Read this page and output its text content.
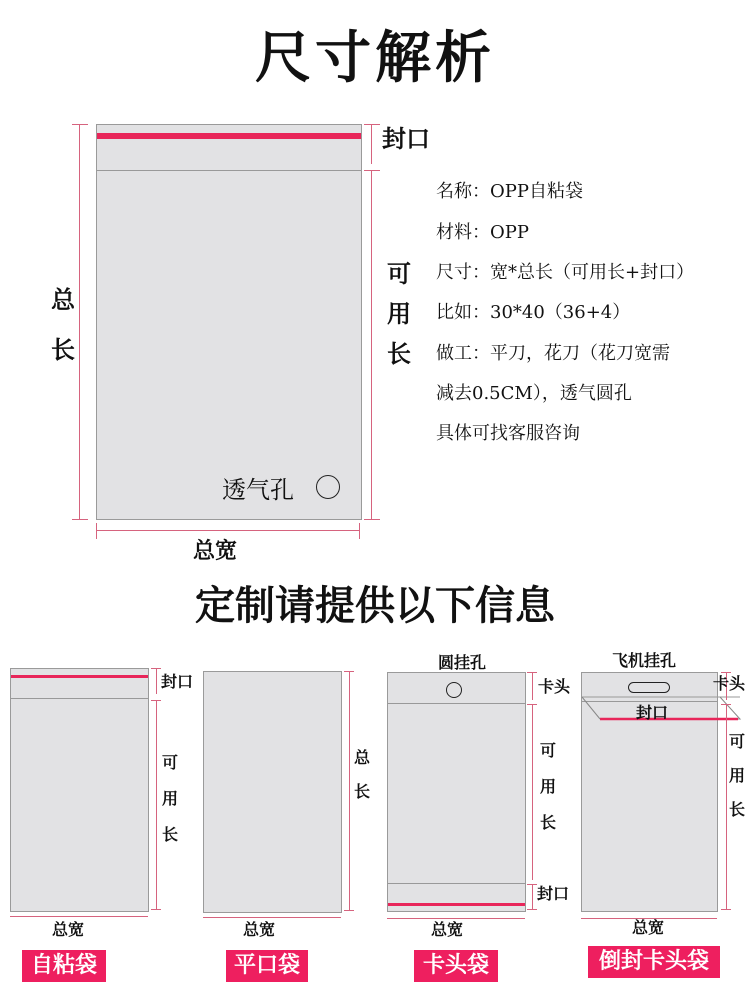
尺寸解析
总
长
封口
可
用
长
总宽
透气孔
名称：OPP自粘袋
材料：OPP
尺寸：宽*总长（可用长+封口）
比如：30*40（36+4）
做工：平刀，花刀（花刀宽需
减去0.5CM），透气圆孔
具体可找客服咨询
定制请提供以下信息
封口
可
用
长
总宽
自粘袋
总
长
总宽
平口袋
圆挂孔
卡头
可
用
长
封口
总宽
卡头袋
飞机挂孔
封口
卡头
可
用
长
总宽
倒封卡头袋
